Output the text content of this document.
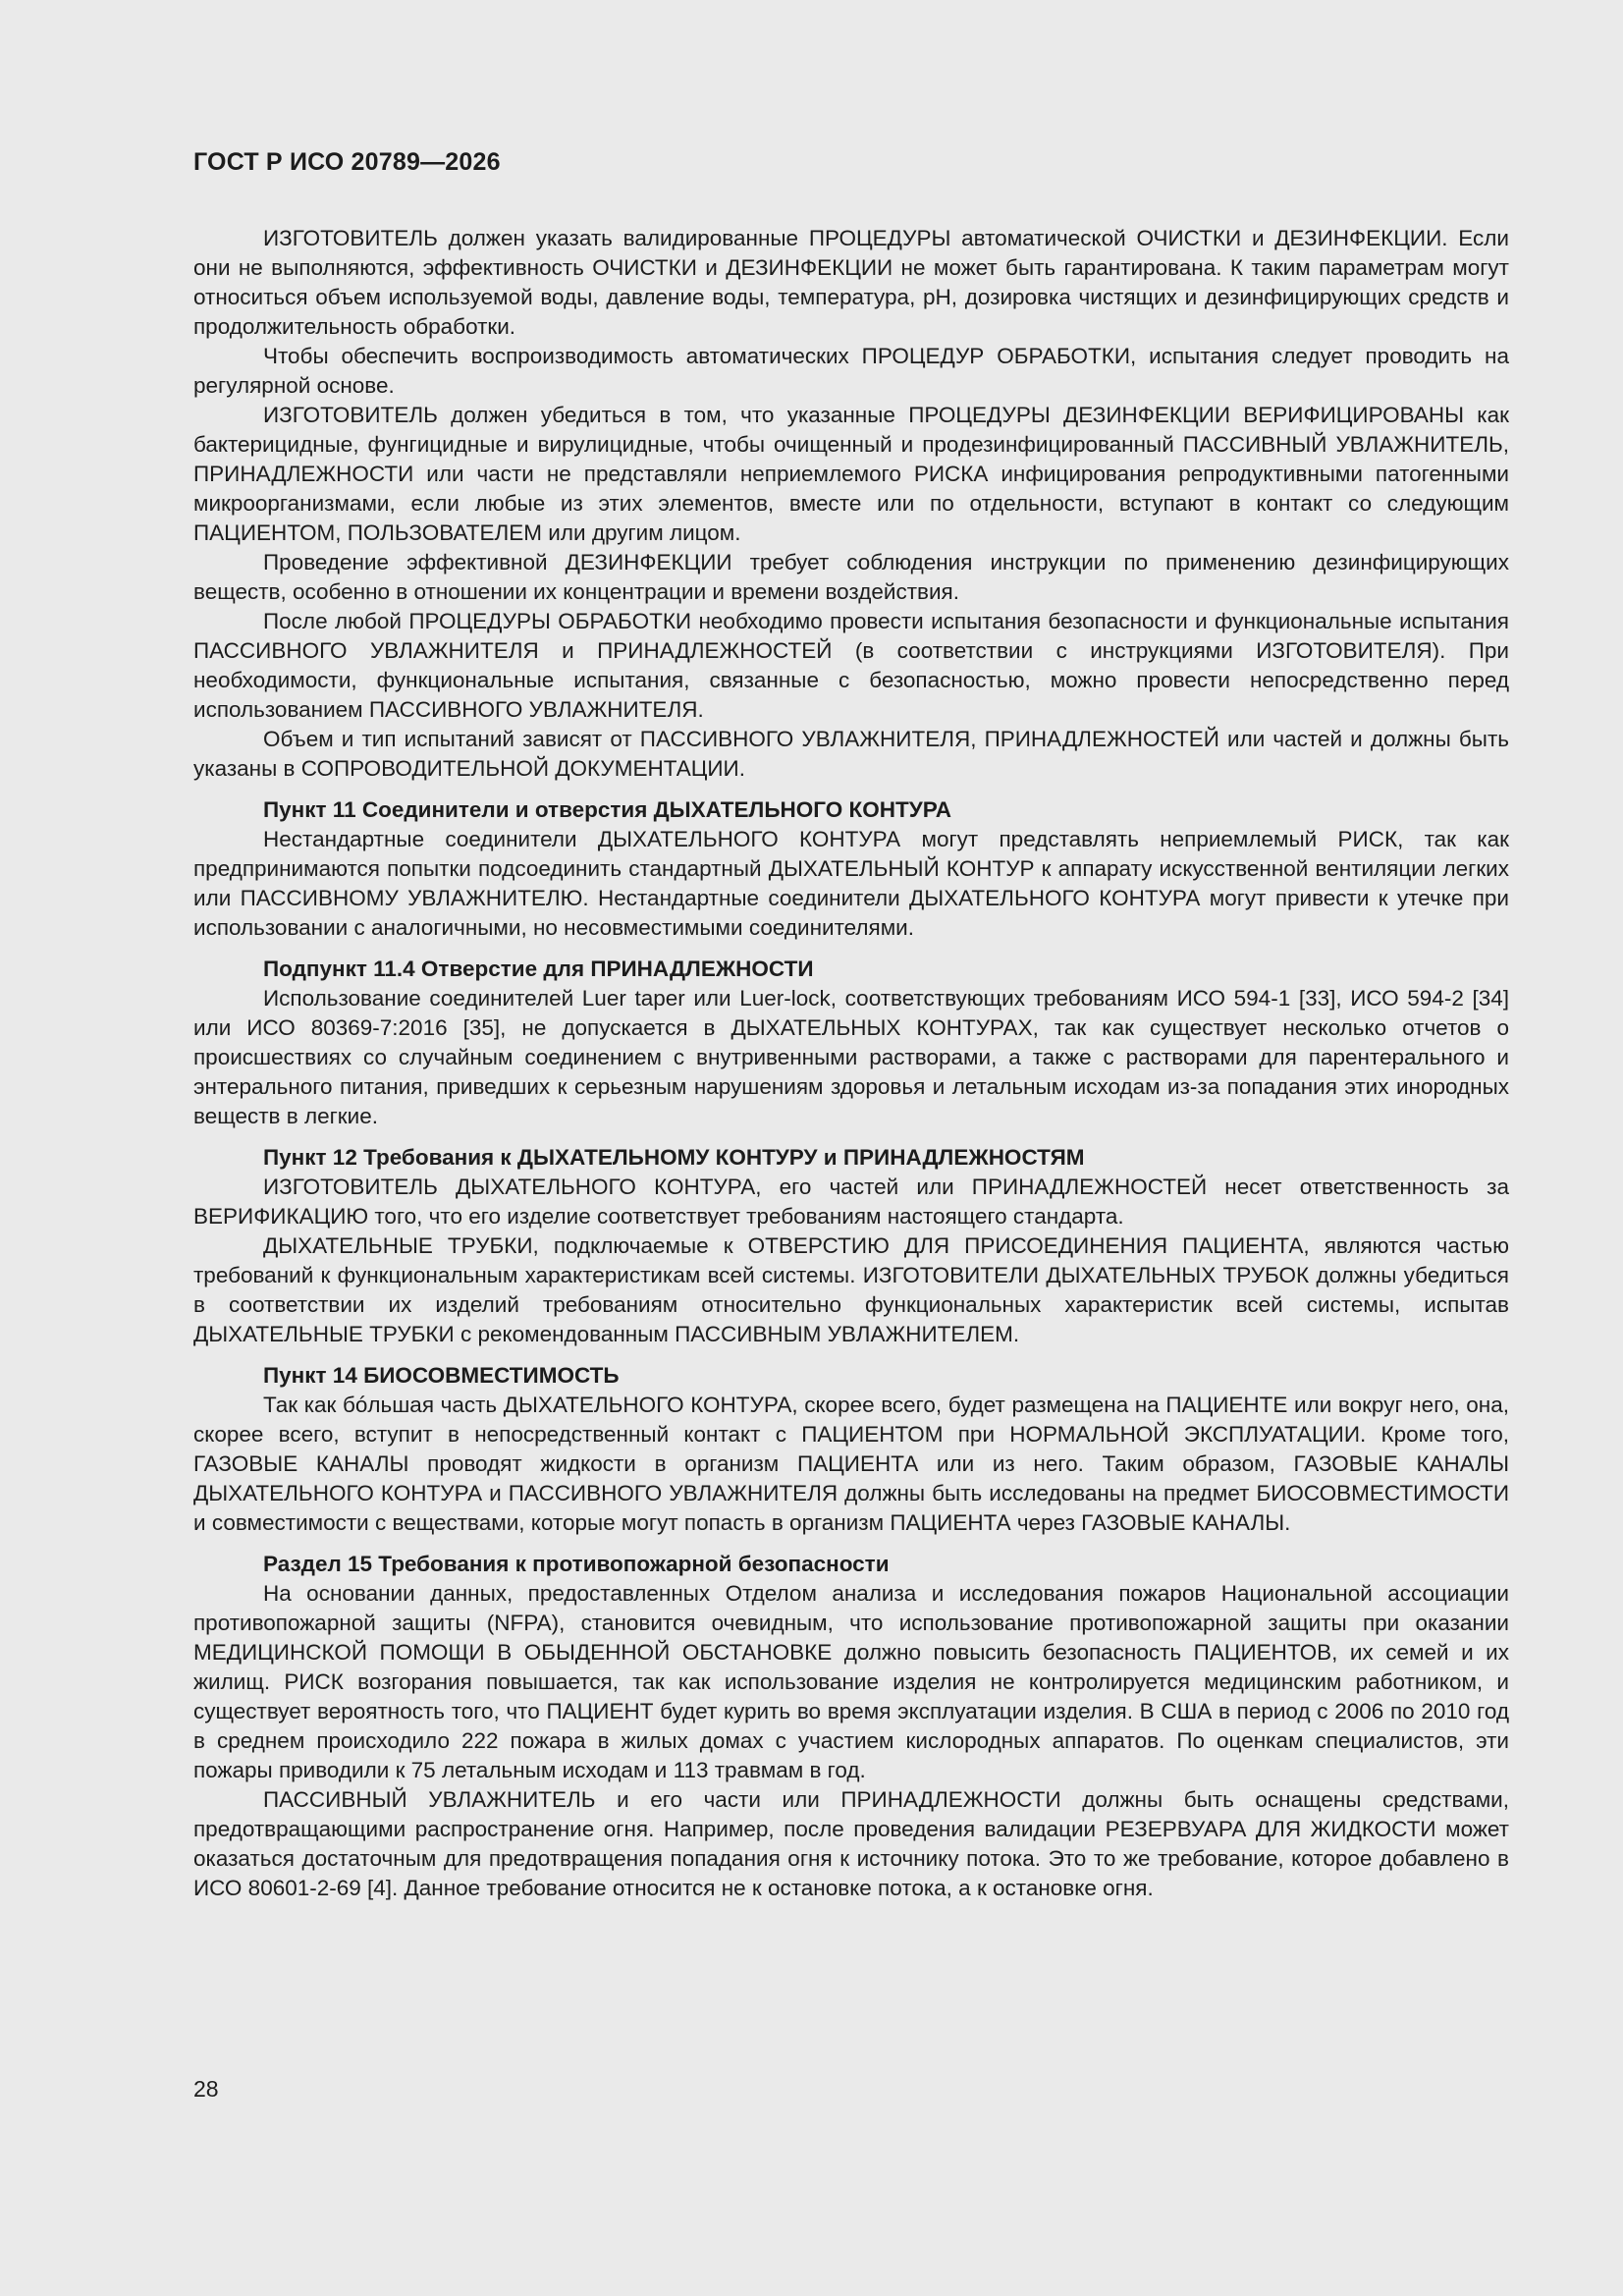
ГОСТ Р ИСО 20789—2026

ИЗГОТОВИТЕЛЬ должен указать валидированные ПРОЦЕДУРЫ автоматической ОЧИСТКИ и ДЕЗИНФЕКЦИИ. Если они не выполняются, эффективность ОЧИСТКИ и ДЕЗИНФЕКЦИИ не может быть гарантирована. К таким параметрам могут относиться объем используемой воды, давление воды, температура, pH, дозировка чистящих и дезинфицирующих средств и продолжительность обработки.

Чтобы обеспечить воспроизводимость автоматических ПРОЦЕДУР ОБРАБОТКИ, испытания следует проводить на регулярной основе.

ИЗГОТОВИТЕЛЬ должен убедиться в том, что указанные ПРОЦЕДУРЫ ДЕЗИНФЕКЦИИ ВЕРИФИЦИРОВАНЫ как бактерицидные, фунгицидные и вирулицидные, чтобы очищенный и продезинфицированный ПАССИВНЫЙ УВЛАЖНИТЕЛЬ, ПРИНАДЛЕЖНОСТИ или части не представляли неприемлемого РИСКА инфицирования репродуктивными патогенными микроорганизмами, если любые из этих элементов, вместе или по отдельности, вступают в контакт со следующим ПАЦИЕНТОМ, ПОЛЬЗОВАТЕЛЕМ или другим лицом.

Проведение эффективной ДЕЗИНФЕКЦИИ требует соблюдения инструкции по применению дезинфицирующих веществ, особенно в отношении их концентрации и времени воздействия.

После любой ПРОЦЕДУРЫ ОБРАБОТКИ необходимо провести испытания безопасности и функциональные испытания ПАССИВНОГО УВЛАЖНИТЕЛЯ и ПРИНАДЛЕЖНОСТЕЙ (в соответствии с инструкциями ИЗГОТОВИТЕЛЯ). При необходимости, функциональные испытания, связанные с безопасностью, можно провести непосредственно перед использованием ПАССИВНОГО УВЛАЖНИТЕЛЯ.

Объем и тип испытаний зависят от ПАССИВНОГО УВЛАЖНИТЕЛЯ, ПРИНАДЛЕЖНОСТЕЙ или частей и должны быть указаны в СОПРОВОДИТЕЛЬНОЙ ДОКУМЕНТАЦИИ.

Пункт 11 Соединители и отверстия ДЫХАТЕЛЬНОГО КОНТУРА

Нестандартные соединители ДЫХАТЕЛЬНОГО КОНТУРА могут представлять неприемлемый РИСК, так как предпринимаются попытки подсоединить стандартный ДЫХАТЕЛЬНЫЙ КОНТУР к аппарату искусственной вентиляции легких или ПАССИВНОМУ УВЛАЖНИТЕЛЮ. Нестандартные соединители ДЫХАТЕЛЬНОГО КОНТУРА могут привести к утечке при использовании с аналогичными, но несовместимыми соединителями.

Подпункт 11.4 Отверстие для ПРИНАДЛЕЖНОСТИ

Использование соединителей Luer taper или Luer-lock, соответствующих требованиям ИСО 594-1 [33], ИСО 594-2 [34] или ИСО 80369-7:2016 [35], не допускается в ДЫХАТЕЛЬНЫХ КОНТУРАХ, так как существует несколько отчетов о происшествиях со случайным соединением с внутривенными растворами, а также с растворами для парентерального и энтерального питания, приведших к серьезным нарушениям здоровья и летальным исходам из-за попадания этих инородных веществ в легкие.

Пункт 12 Требования к ДЫХАТЕЛЬНОМУ КОНТУРУ и ПРИНАДЛЕЖНОСТЯМ

ИЗГОТОВИТЕЛЬ ДЫХАТЕЛЬНОГО КОНТУРА, его частей или ПРИНАДЛЕЖНОСТЕЙ несет ответственность за ВЕРИФИКАЦИЮ того, что его изделие соответствует требованиям настоящего стандарта.

ДЫХАТЕЛЬНЫЕ ТРУБКИ, подключаемые к ОТВЕРСТИЮ ДЛЯ ПРИСОЕДИНЕНИЯ ПАЦИЕНТА, являются частью требований к функциональным характеристикам всей системы. ИЗГОТОВИТЕЛИ ДЫХАТЕЛЬНЫХ ТРУБОК должны убедиться в соответствии их изделий требованиям относительно функциональных характеристик всей системы, испытав ДЫХАТЕЛЬНЫЕ ТРУБКИ с рекомендованным ПАССИВНЫМ УВЛАЖНИТЕЛЕМ.

Пункт 14 БИОСОВМЕСТИМОСТЬ

Так как бóльшая часть ДЫХАТЕЛЬНОГО КОНТУРА, скорее всего, будет размещена на ПАЦИЕНТЕ или вокруг него, она, скорее всего, вступит в непосредственный контакт с ПАЦИЕНТОМ при НОРМАЛЬНОЙ ЭКСПЛУАТАЦИИ. Кроме того, ГАЗОВЫЕ КАНАЛЫ проводят жидкости в организм ПАЦИЕНТА или из него. Таким образом, ГАЗОВЫЕ КАНАЛЫ ДЫХАТЕЛЬНОГО КОНТУРА и ПАССИВНОГО УВЛАЖНИТЕЛЯ должны быть исследованы на предмет БИОСОВМЕСТИМОСТИ и совместимости с веществами, которые могут попасть в организм ПАЦИЕНТА через ГАЗОВЫЕ КАНАЛЫ.

Раздел 15 Требования к противопожарной безопасности

На основании данных, предоставленных Отделом анализа и исследования пожаров Национальной ассоциации противопожарной защиты (NFPA), становится очевидным, что использование противопожарной защиты при оказании МЕДИЦИНСКОЙ ПОМОЩИ В ОБЫДЕННОЙ ОБСТАНОВКЕ должно повысить безопасность ПАЦИЕНТОВ, их семей и их жилищ. РИСК возгорания повышается, так как использование изделия не контролируется медицинским работником, и существует вероятность того, что ПАЦИЕНТ будет курить во время эксплуатации изделия. В США в период с 2006 по 2010 год в среднем происходило 222 пожара в жилых домах с участием кислородных аппаратов. По оценкам специалистов, эти пожары приводили к 75 летальным исходам и 113 травмам в год.

ПАССИВНЫЙ УВЛАЖНИТЕЛЬ и его части или ПРИНАДЛЕЖНОСТИ должны быть оснащены средствами, предотвращающими распространение огня. Например, после проведения валидации РЕЗЕРВУАРА ДЛЯ ЖИДКОСТИ может оказаться достаточным для предотвращения попадания огня к источнику потока. Это то же требование, которое добавлено в ИСО 80601-2-69 [4]. Данное требование относится не к остановке потока, а к остановке огня.

28
